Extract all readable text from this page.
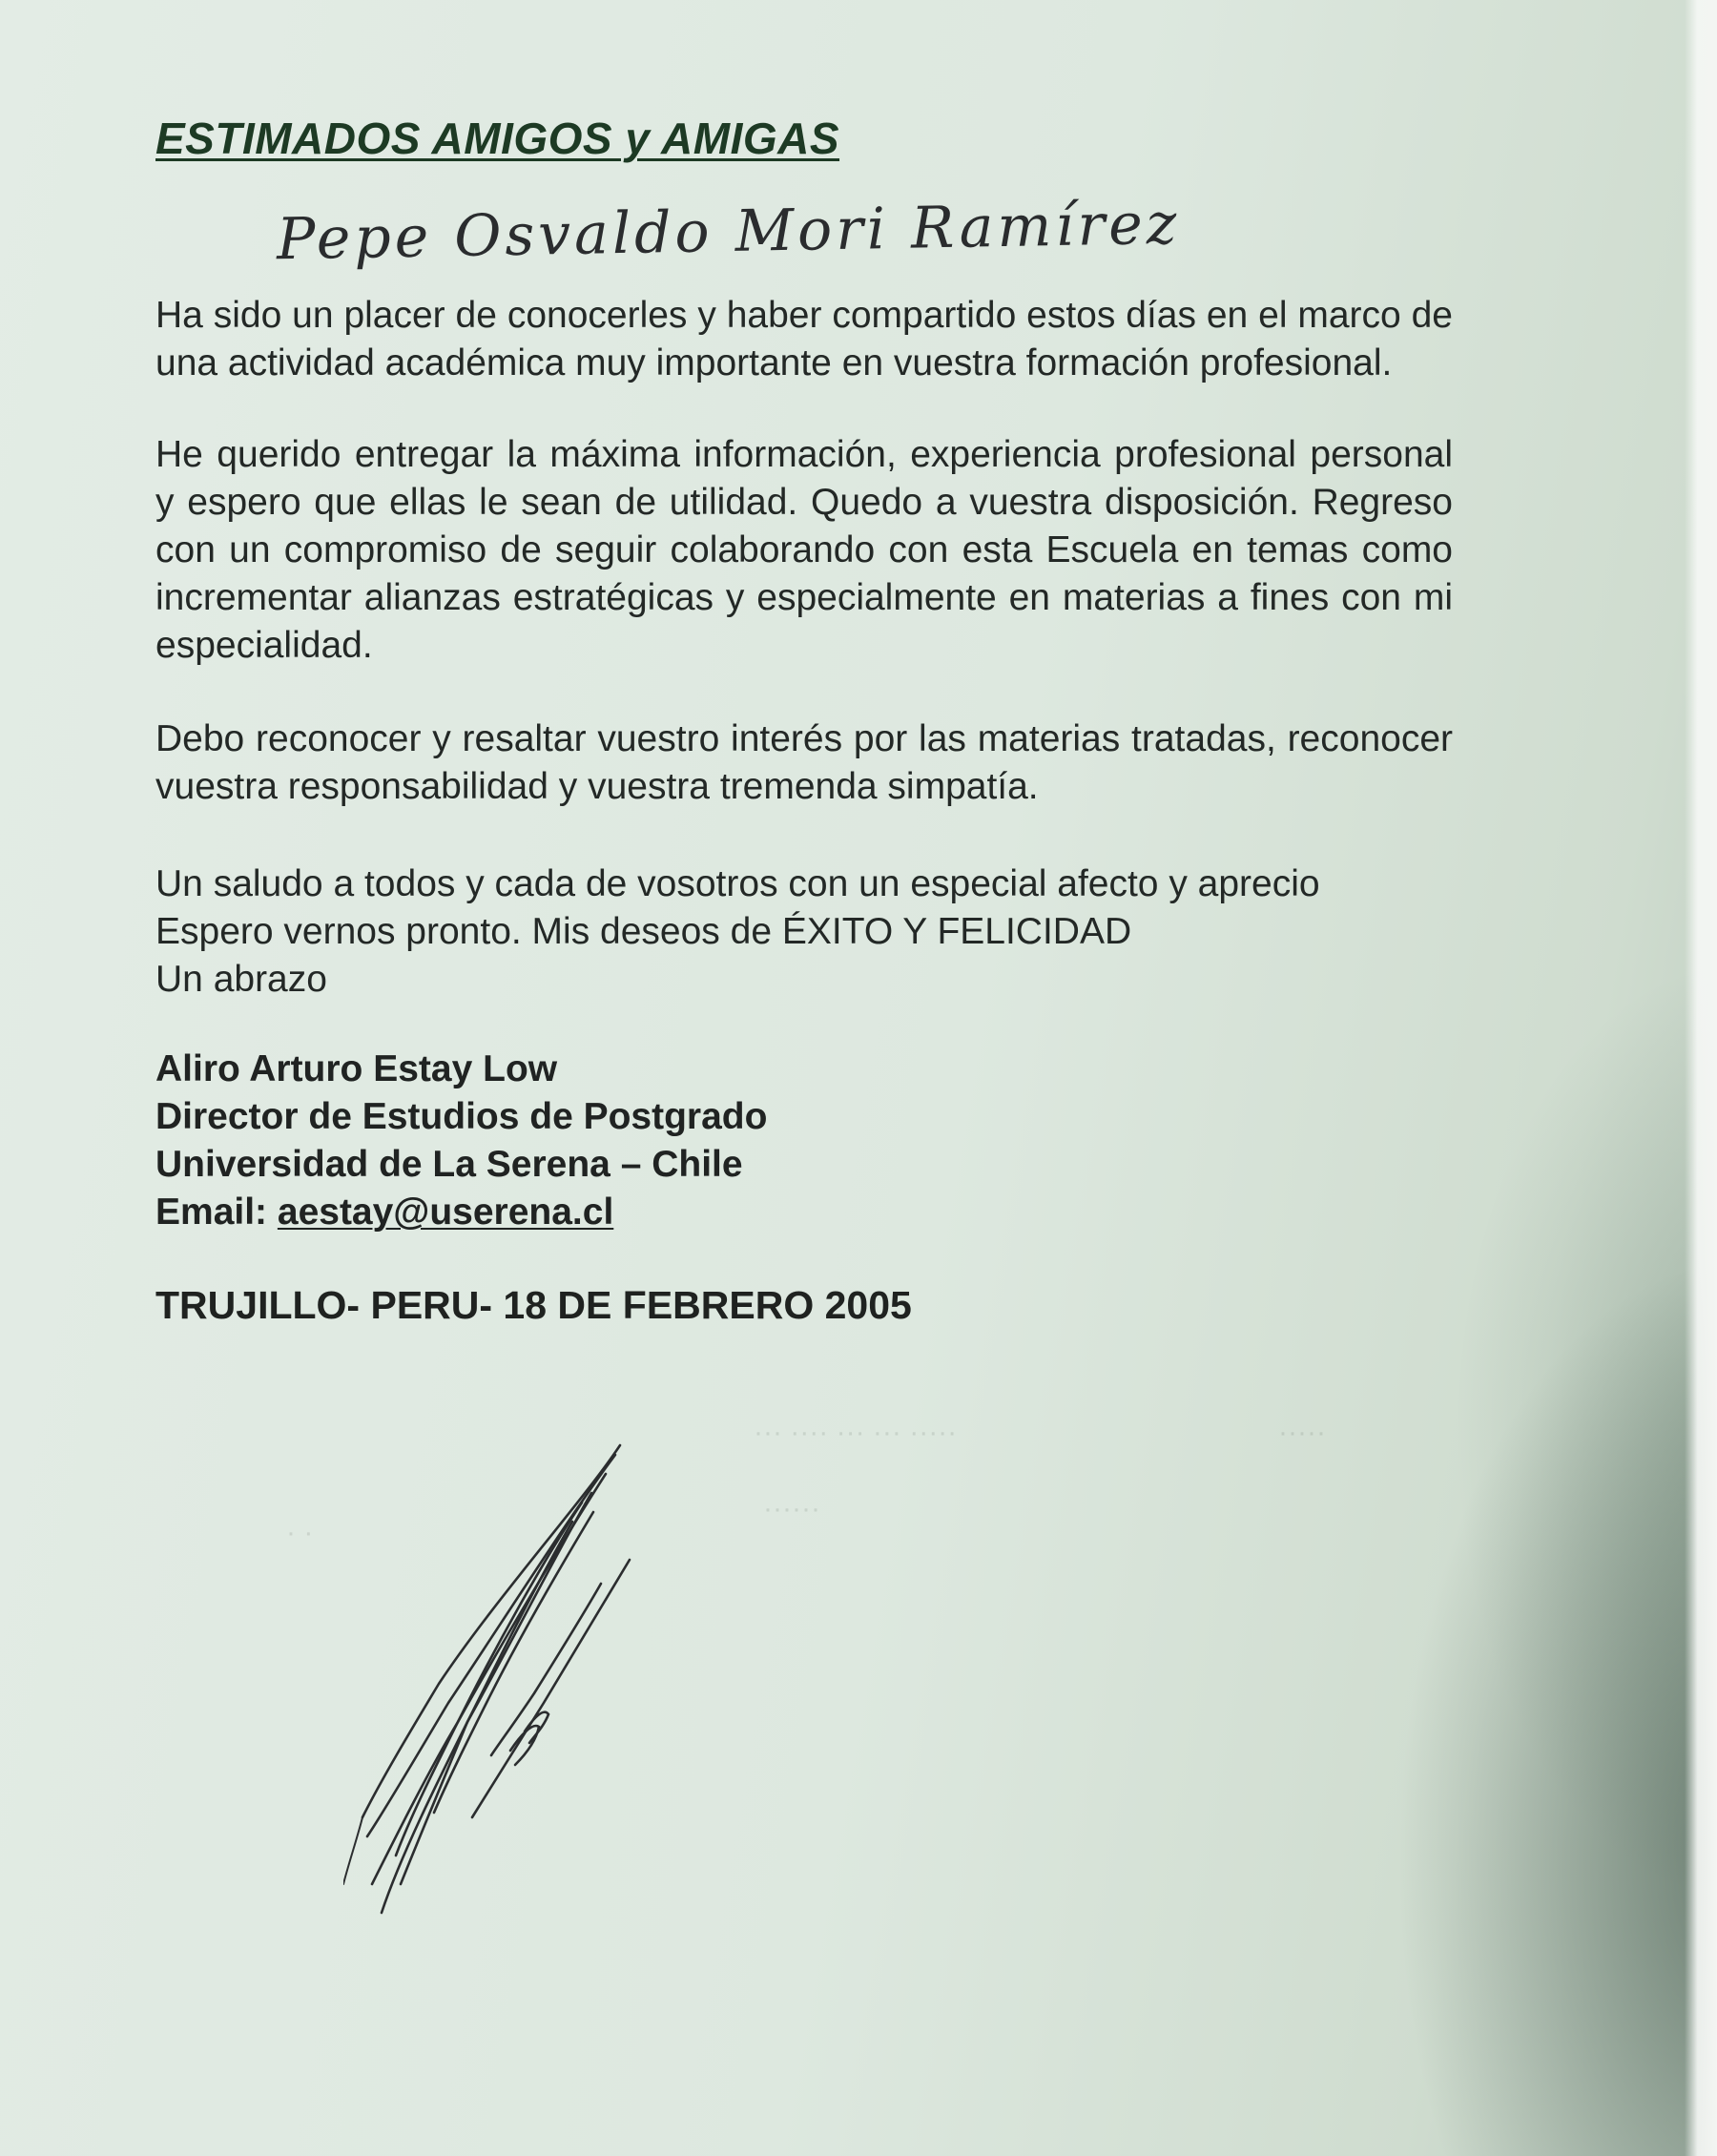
ESTIMADOS AMIGOS y AMIGAS

Pepe Osvaldo Mori Ramírez

Ha sido un placer de conocerles y haber compartido estos días en el marco de una actividad académica muy importante en vuestra formación profesional.

He querido entregar la máxima información, experiencia profesional personal y espero que ellas le sean de utilidad. Quedo a vuestra disposición. Regreso con un compromiso de seguir colaborando con esta Escuela en temas como incrementar alianzas estratégicas y especialmente en materias a fines con mi especialidad.

Debo reconocer y resaltar vuestro interés por las materias tratadas, reconocer vuestra responsabilidad y vuestra tremenda simpatía.

Un saludo a todos y cada de vosotros con un especial afecto y aprecio

Espero vernos pronto. Mis deseos de ÉXITO Y FELICIDAD

Un abrazo

Aliro Arturo Estay Low

Director de Estudios de Postgrado

Universidad de La Serena – Chile

Email: aestay@userena.cl

TRUJILLO- PERU- 18 DE FEBRERO 2005

··· ···· ··· ··· ·····	·····
· ·
······
